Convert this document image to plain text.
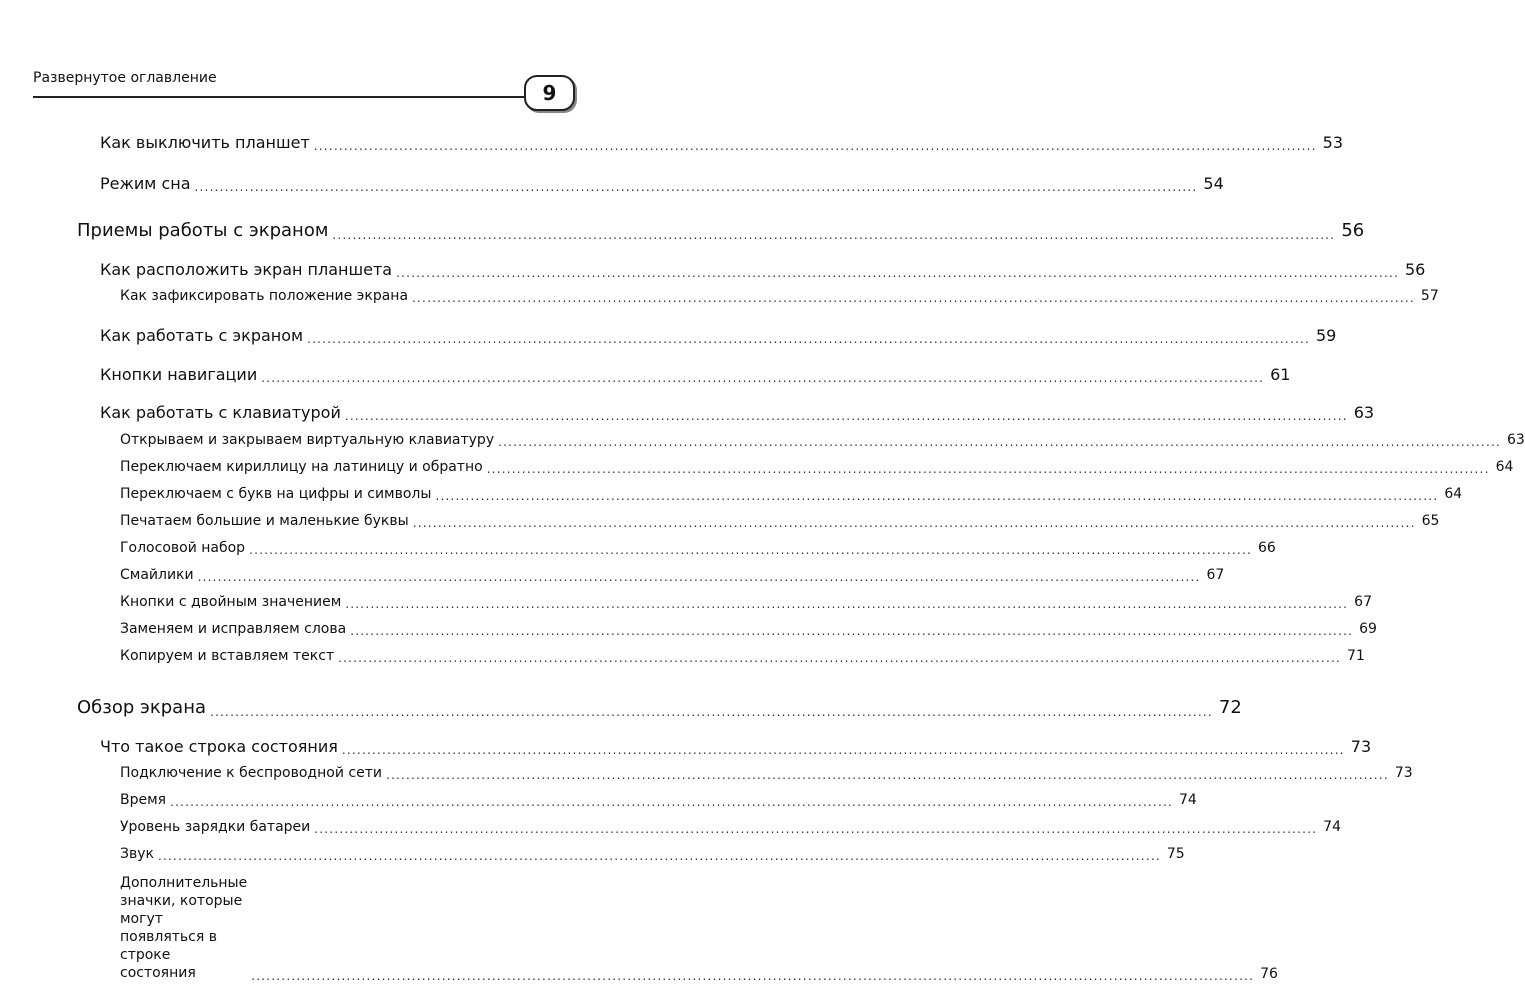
Развернутое оглавление
9
Как выключить планшет ........................................................................................................................................................................................................ 53
Режим сна ........................................................................................................................................................................................................ 54
Приемы работы с экраном ........................................................................................................................................................................................................ 56
Как расположить экран планшета ........................................................................................................................................................................................................ 56
Как зафиксировать положение экрана ........................................................................................................................................................................................................ 57
Как работать с экраном ........................................................................................................................................................................................................ 59
Кнопки навигации ........................................................................................................................................................................................................ 61
Как работать с клавиатурой ........................................................................................................................................................................................................ 63
Открываем и закрываем виртуальную клавиатуру ........................................................................................................................................................................................................ 63
Переключаем кириллицу на латиницу и обратно ........................................................................................................................................................................................................ 64
Переключаем с букв на цифры и символы ........................................................................................................................................................................................................ 64
Печатаем большие и маленькие буквы ........................................................................................................................................................................................................ 65
Голосовой набор ........................................................................................................................................................................................................ 66
Смайлики ........................................................................................................................................................................................................ 67
Кнопки с двойным значением ........................................................................................................................................................................................................ 67
Заменяем и исправляем слова ........................................................................................................................................................................................................ 69
Копируем и вставляем текст ........................................................................................................................................................................................................ 71
Обзор экрана ........................................................................................................................................................................................................ 72
Что такое строка состояния ........................................................................................................................................................................................................ 73
Подключение к беспроводной сети ........................................................................................................................................................................................................ 73
Время ........................................................................................................................................................................................................ 74
Уровень зарядки батареи ........................................................................................................................................................................................................ 74
Звук ........................................................................................................................................................................................................ 75
Дополнительные значки, которые могут появляться в строке состояния	........................................................................................................................................................................................................ 76
